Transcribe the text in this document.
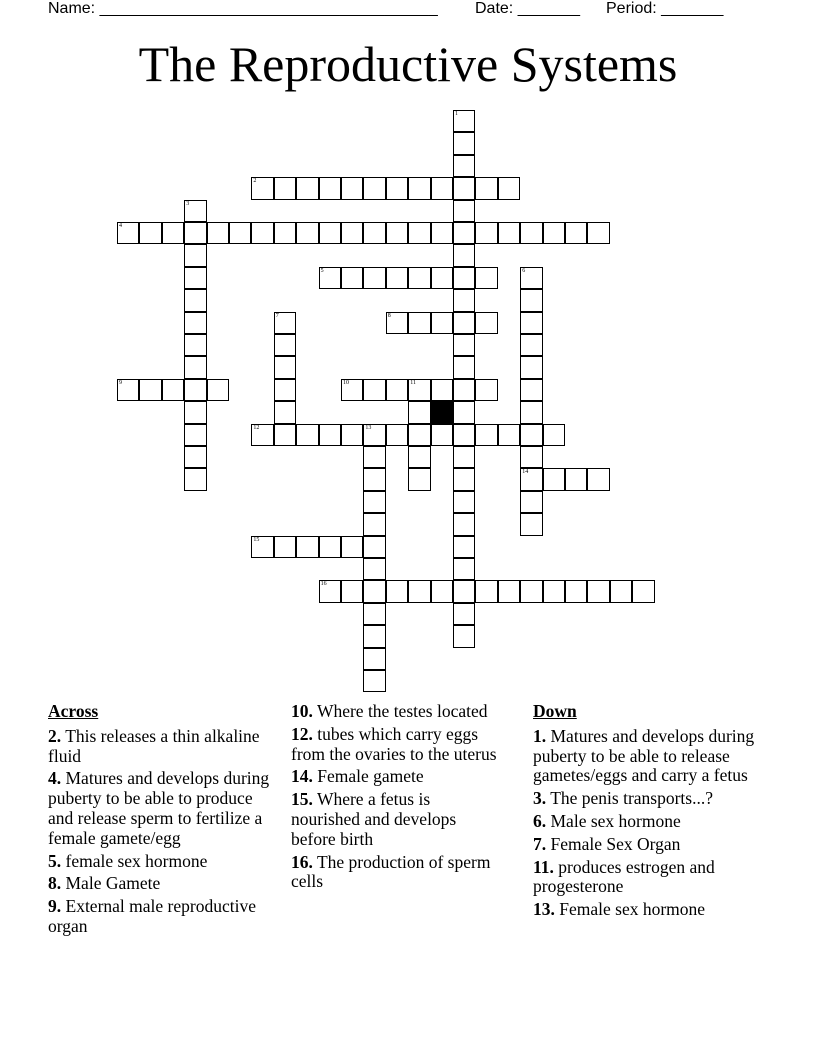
Name: ______________________________________ Date: _______ Period: _______
The Reproductive Systems
1
2
3
4
5	6
14
7	8
9	10	11
12	13
15
16
Across
2. This releases a thin alkaline fluid
4. Matures and develops during puberty to be able to produce and release sperm to fertilize a female gamete/egg
5. female sex hormone
8. Male Gamete
9. External male reproductive organ
10. Where the testes located
12. tubes which carry eggs from the ovaries to the uterus
14. Female gamete
15. Where a fetus is nourished and develops before birth
16. The production of sperm cells
Down
1. Matures and develops during puberty to be able to release gametes/eggs and carry a fetus
3. The penis transports...?
6. Male sex hormone
7. Female Sex Organ
11. produces estrogen and progesterone
13. Female sex hormone
